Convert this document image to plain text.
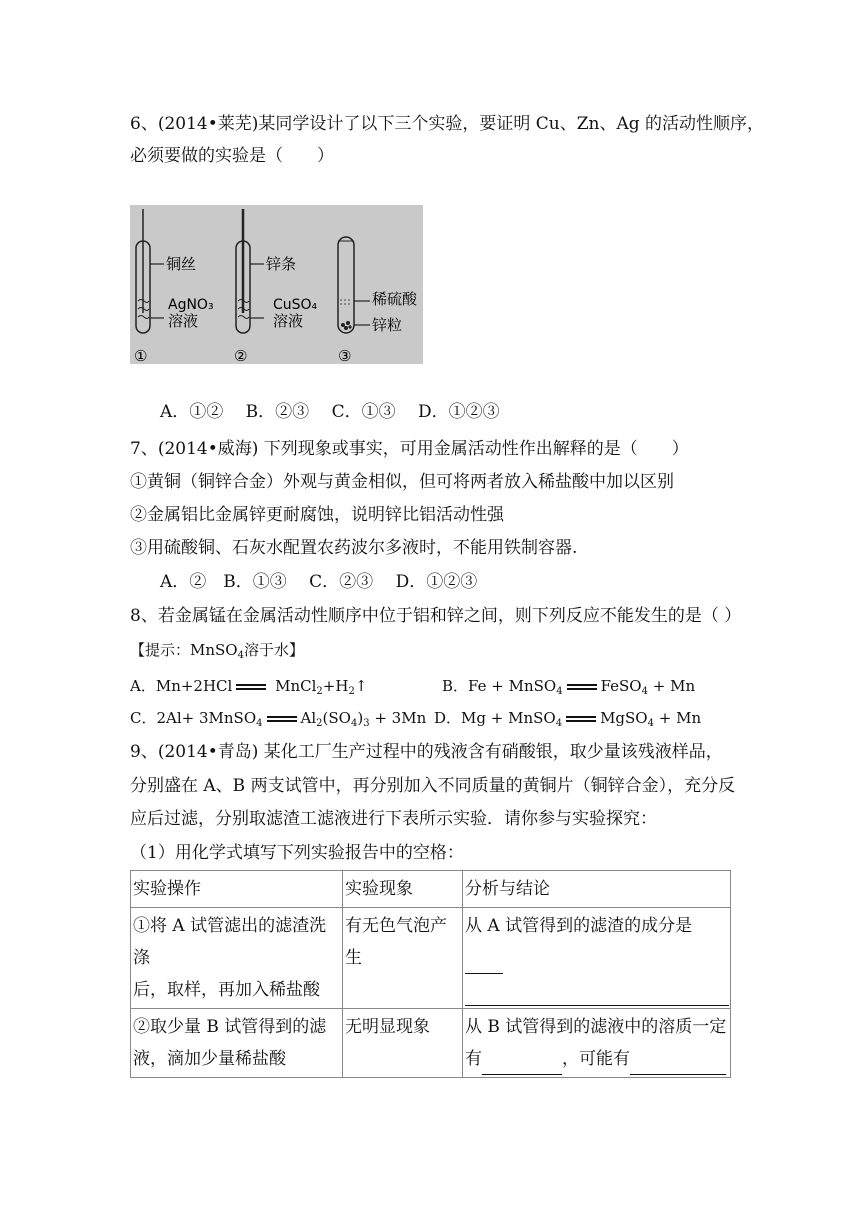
6、(2014•莱芜)某同学设计了以下三个实验，要证明 Cu、Zn、Ag 的活动性顺序，
必须要做的实验是（　　）
铜丝
AgNO₃
溶液
①
锌条
CuSO₄
溶液
②
稀硫酸
锌粒
③
A．①②　 B．②③　 C．①③　 D．①②③
7、(2014•威海) 下列现象或事实，可用金属活动性作出解释的是（　　）
①黄铜（铜锌合金）外观与黄金相似，但可将两者放入稀盐酸中加以区别
②金属铝比金属锌更耐腐蚀，说明锌比铝活动性强
③用硫酸铜、石灰水配置农药波尔多液时，不能用铁制容器.
A．②　B．①③　 C．②③　 D．①②③
8、若金属锰在金属活动性顺序中位于铝和锌之间，则下列反应不能发生的是（ ）
【提示：MnSO$_4$溶于水】
A．Mn+2HCl	$MnCl_2+H_2↑$	B．Fe + MnSO$_4$	FeSO$_4$ + Mn
C．2Al+ 3MnSO$_4$	$Al_2(SO_4)_3 + 3Mn$ D．Mg + MnSO$_4$	MgSO$_4$ + Mn
9、(2014•青岛) 某化工厂生产过程中的残液含有硝酸银，取少量该残液样品，
分别盛在 A、B 两支试管中，再分别加入不同质量的黄铜片（铜锌合金），充分反
应后过滤，分别取滤渣工滤液进行下表所示实验．请你参与实验探究：
（1）用化学式填写下列实验报告中的空格：
实验操作	实验现象	分析与结论
①将 A 试管滤出的滤渣洗涤
后，取样，再加入稀盐酸	有无色气泡产
生	从 A 试管得到的滤渣的成分是

②取少量 B 试管得到的滤
液，滴加少量稀盐酸	无明显现象	从 B 试管得到的滤液中的溶质一定
有 ，可能有
